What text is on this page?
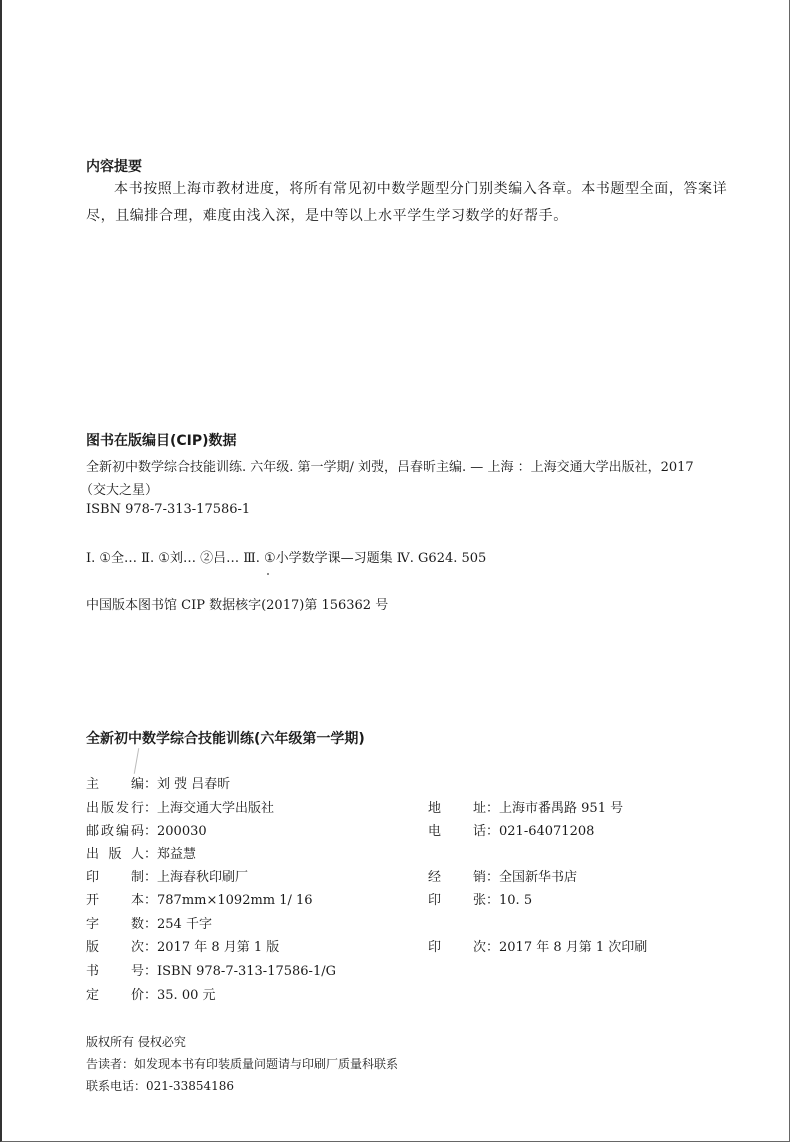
内容提要
本书按照上海市教材进度，将所有常见初中数学题型分门别类编入各章。本书题型全面，答案详尽，且编排合理，难度由浅入深，是中等以上水平学生学习数学的好帮手。
图书在版编目(CIP)数据
全新初中数学综合技能训练. 六年级. 第一学期/ 刘弢，吕春昕主编. — 上海 ：上海交通大学出版社，2017
（交大之星）
ISBN 978-7-313-17586-1
Ⅰ. ①全… Ⅱ. ①刘… ②吕… Ⅲ. ①小学数学课—习题集 Ⅳ. G624. 505
中国版本图书馆 CIP 数据核字(2017)第 156362 号
全新初中数学综合技能训练(六年级第一学期)
主编：刘 弢 吕春昕
出版发行：上海交通大学出版社
邮政编码：200030
出版人：郑益慧
印制：上海春秋印刷厂
开本：787mm×1092mm 1/ 16
字数：254 千字
版次：2017 年 8 月第 1 版
书号：ISBN 978-7-313-17586-1/G
定价：35. 00 元
地址：上海市番禺路 951 号
电话：021-64071208
经销：全国新华书店
印张：10. 5
印次：2017 年 8 月第 1 次印刷
版权所有 侵权必究
告读者：如发现本书有印装质量问题请与印刷厂质量科联系
联系电话：021-33854186
